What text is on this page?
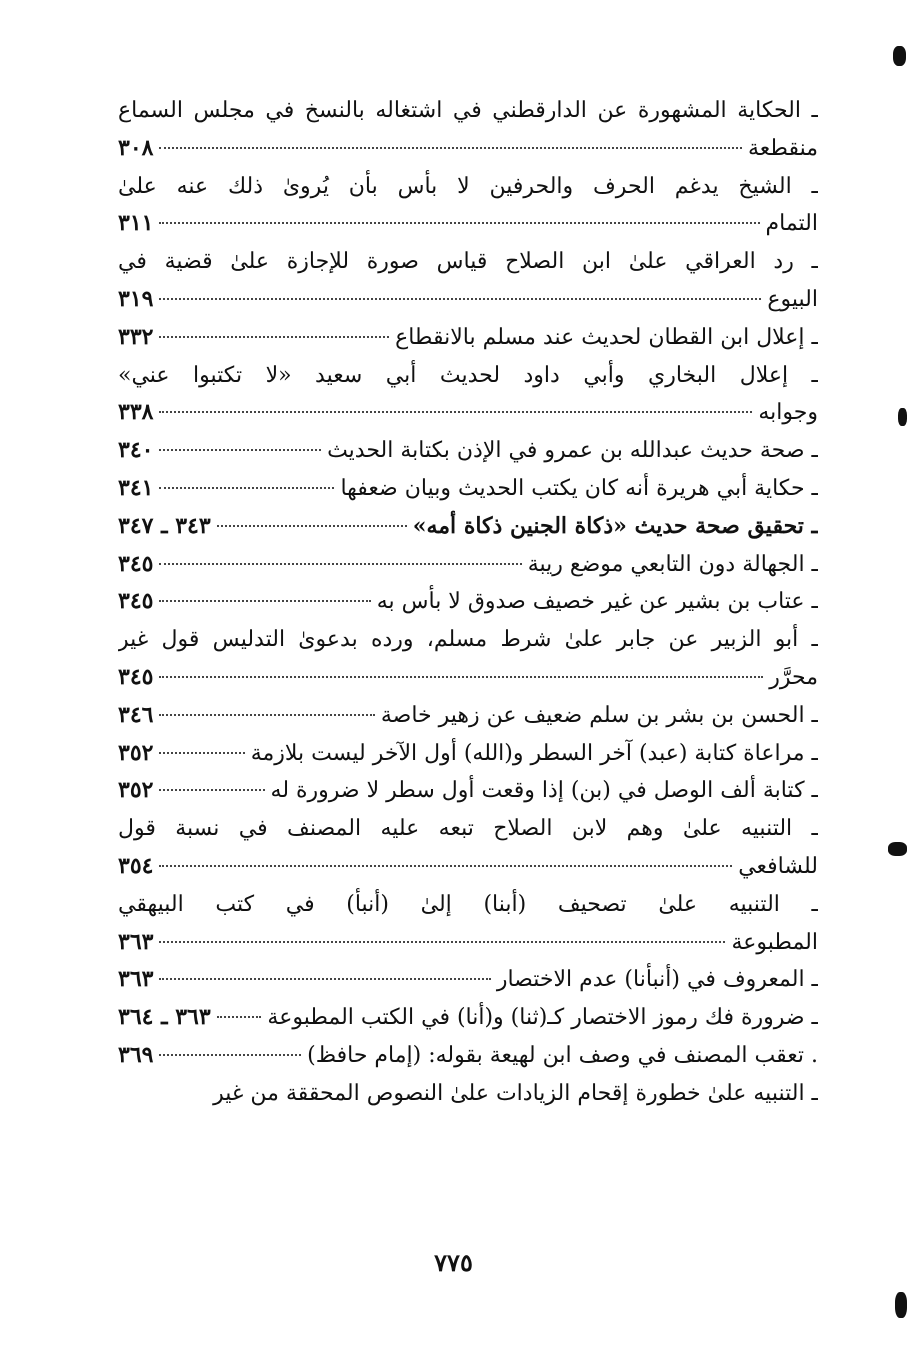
ـ الحكاية المشهورة عن الدارقطني في اشتغاله بالنسخ في مجلس السماع
منقطعة
٣٠٨
ـ الشيخ يدغم الحرف والحرفين لا بأس بأن يُروىٰ ذلك عنه علىٰ
التمام
٣١١
ـ رد العراقي علىٰ ابن الصلاح قياس صورة للإجازة علىٰ قضية في
البيوع
٣١٩
ـ إعلال ابن القطان لحديث عند مسلم بالانقطاع
٣٣٢
ـ إعلال البخاري وأبي داود لحديث أبي سعيد «لا تكتبوا عني»
وجوابه
٣٣٨
ـ صحة حديث عبدالله بن عمرو في الإذن بكتابة الحديث
٣٤٠
ـ حكاية أبي هريرة أنه كان يكتب الحديث وبيان ضعفها
٣٤١
ـ تحقيق صحة حديث «ذكاة الجنين ذكاة أمه»
٣٤٣ ـ ٣٤٧
ـ الجهالة دون التابعي موضع ريبة
٣٤٥
ـ عتاب بن بشير عن غير خصيف صدوق لا بأس به
٣٤٥
ـ أبو الزبير عن جابر علىٰ شرط مسلم، ورده بدعوىٰ التدليس قول غير
محرَّر
٣٤٥
ـ الحسن بن بشر بن سلم ضعيف عن زهير خاصة
٣٤٦
ـ مراعاة كتابة (عبد) آخر السطر و(الله) أول الآخر ليست بلازمة
٣٥٢
ـ كتابة ألف الوصل في (بن) إذا وقعت أول سطر لا ضرورة له
٣٥٢
ـ التنبيه علىٰ وهم لابن الصلاح تبعه عليه المصنف في نسبة قول
للشافعي
٣٥٤
ـ التنبيه علىٰ تصحيف (أبنا) إلىٰ (أنبأ) في كتب البيهقي
المطبوعة
٣٦٣
ـ المعروف في (أنبأنا) عدم الاختصار
٣٦٣
ـ ضرورة فك رموز الاختصار كـ(ثنا) و(أنا) في الكتب المطبوعة
٣٦٣ ـ ٣٦٤
. تعقب المصنف في وصف ابن لهيعة بقوله: (إمام حافظ)
٣٦٩
ـ التنبيه علىٰ خطورة إقحام الزيادات علىٰ النصوص المحققة من غير
٧٧٥
